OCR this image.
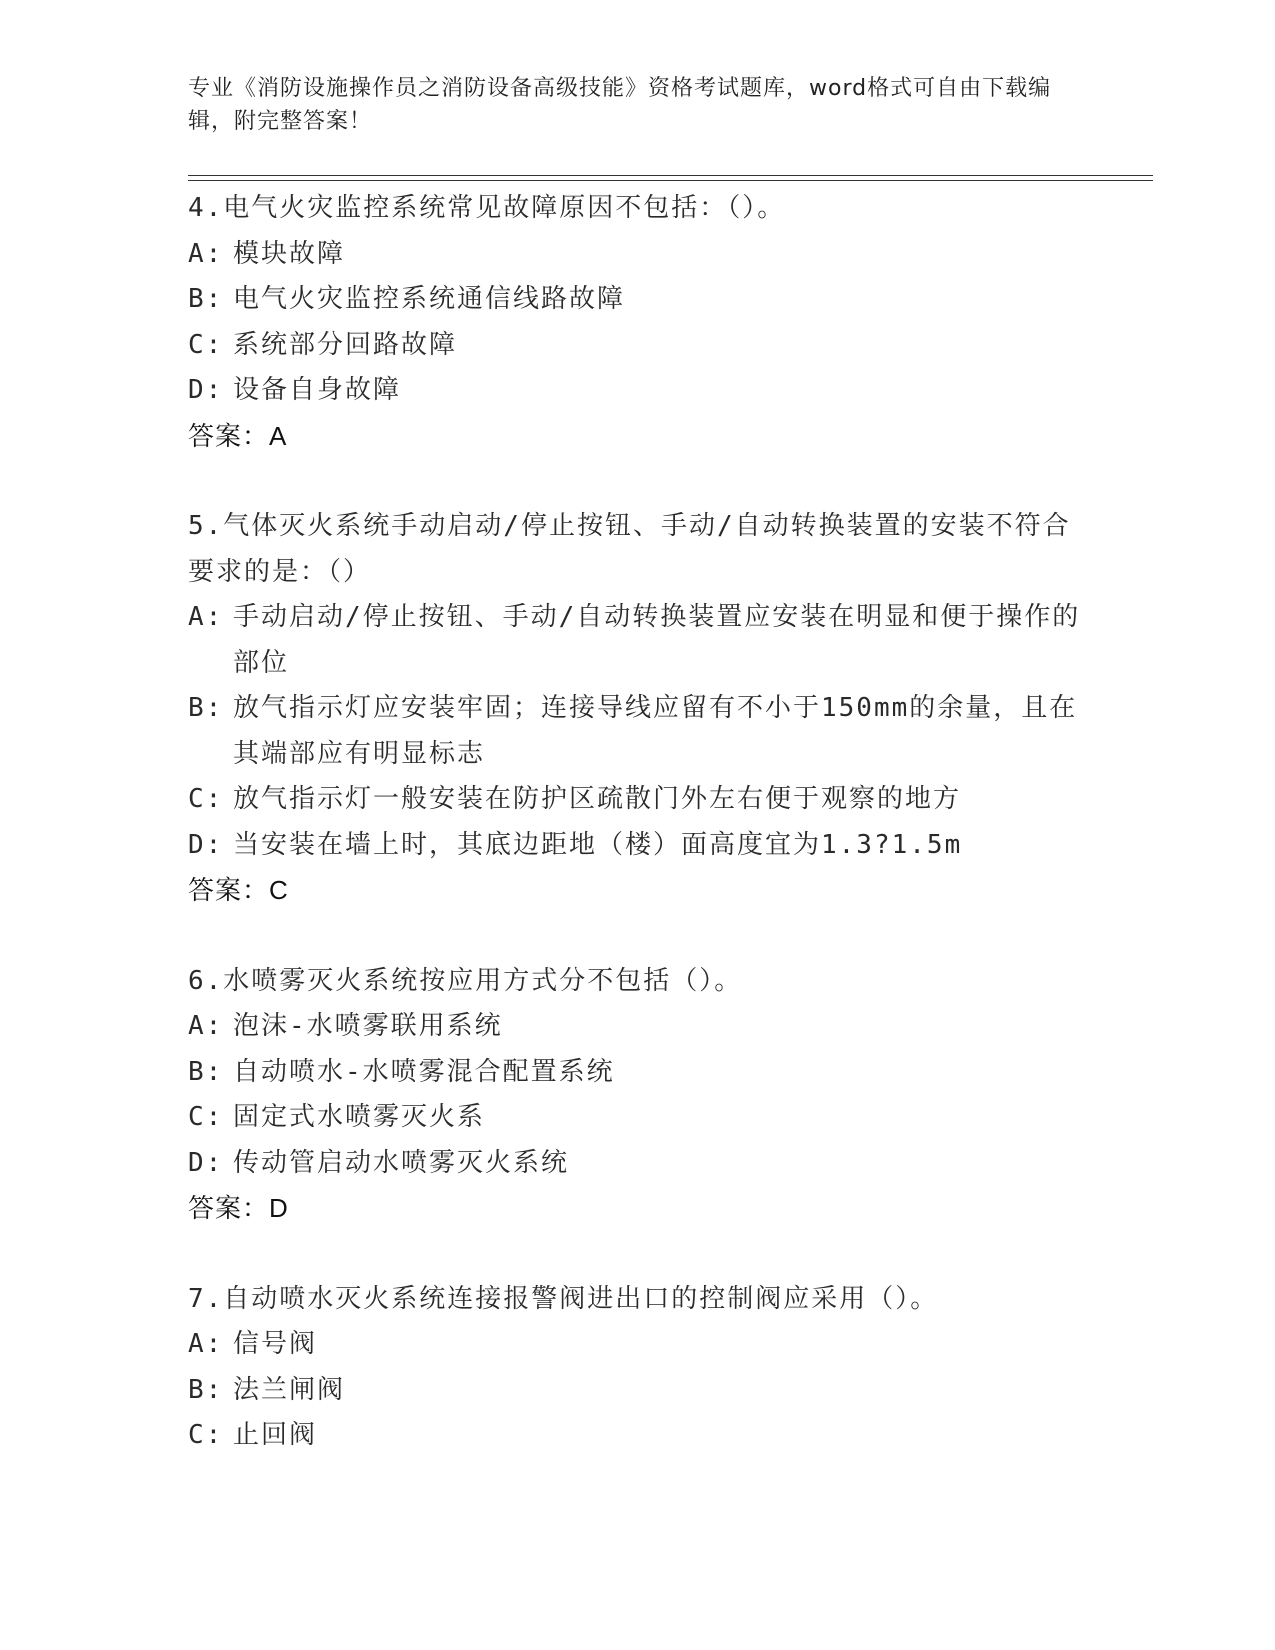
专业《消防设施操作员之消防设备高级技能》资格考试题库，word格式可自由下载编辑，附完整答案！
4.电气火灾监控系统常见故障原因不包括：（）。
A: 模块故障
B: 电气火灾监控系统通信线路故障
C: 系统部分回路故障
D: 设备自身故障
答案：A
5.气体灭火系统手动启动/停止按钮、手动/自动转换装置的安装不符合要求的是：（）
A: 手动启动/停止按钮、手动/自动转换装置应安装在明显和便于操作的部位
B: 放气指示灯应安装牢固；连接导线应留有不小于150mm的余量，且在其端部应有明显标志
C: 放气指示灯一般安装在防护区疏散门外左右便于观察的地方
D: 当安装在墙上时，其底边距地（楼）面高度宜为1.3?1.5m
答案：C
6.水喷雾灭火系统按应用方式分不包括（）。
A: 泡沫-水喷雾联用系统
B: 自动喷水-水喷雾混合配置系统
C: 固定式水喷雾灭火系
D: 传动管启动水喷雾灭火系统
答案：D
7.自动喷水灭火系统连接报警阀进出口的控制阀应采用（）。
A: 信号阀
B: 法兰闸阀
C: 止回阀
